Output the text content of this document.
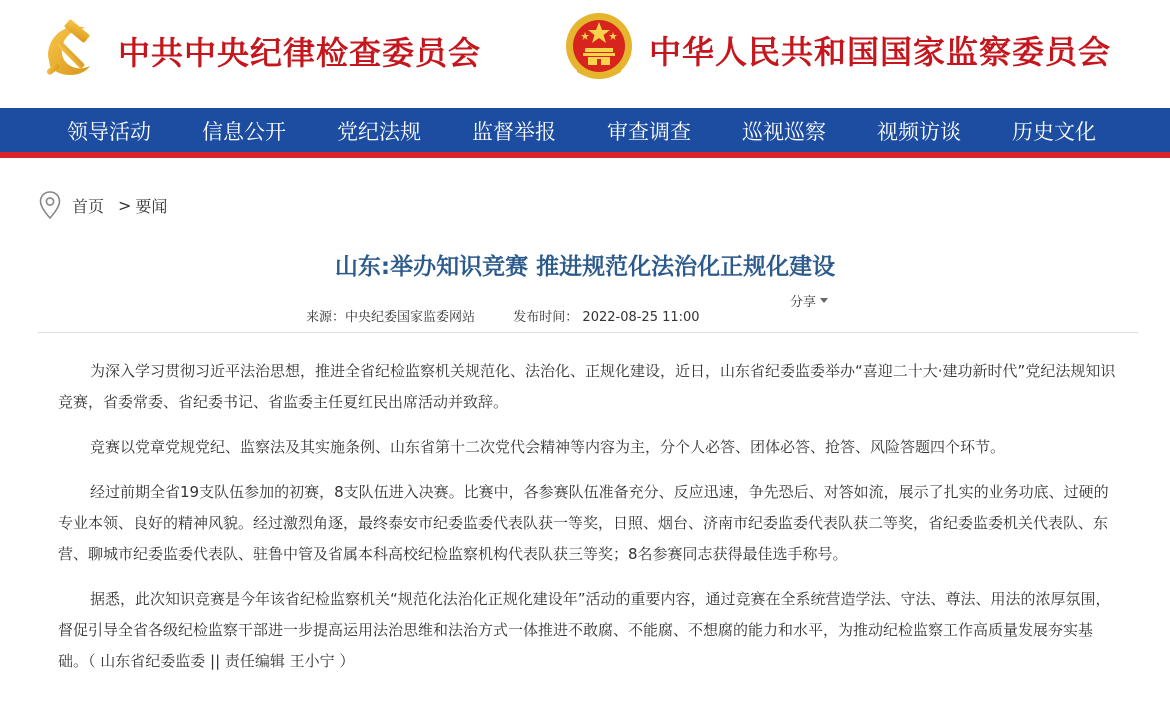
中共中央纪律检查委员会	中华人民共和国国家监察委员会
领导活动 信息公开 党纪法规 监督举报 审查调查 巡视巡察 视频访谈 历史文化
首页 > 要闻
山东:举办知识竞赛 推进规范化法治化正规化建设
分享
来源：中央纪委国家监委网站	发布时间： 2022-08-25 11:00

为深入学习贯彻习近平法治思想，推进全省纪检监察机关规范化、法治化、正规化建设，近日，山东省纪委监委举办“喜迎二十大·建功新时代”党纪法规知识竞赛，省委常委、省纪委书记、省监委主任夏红民出席活动并致辞。

竞赛以党章党规党纪、监察法及其实施条例、山东省第十二次党代会精神等内容为主，分个人必答、团体必答、抢答、风险答题四个环节。

经过前期全省19支队伍参加的初赛，8支队伍进入决赛。比赛中，各参赛队伍准备充分、反应迅速，争先恐后、对答如流，展示了扎实的业务功底、过硬的专业本领、良好的精神风貌。经过激烈角逐，最终泰安市纪委监委代表队获一等奖，日照、烟台、济南市纪委监委代表队获二等奖，省纪委监委机关代表队、东营、聊城市纪委监委代表队、驻鲁中管及省属本科高校纪检监察机构代表队获三等奖；8名参赛同志获得最佳选手称号。

据悉，此次知识竞赛是今年该省纪检监察机关“规范化法治化正规化建设年”活动的重要内容，通过竞赛在全系统营造学法、守法、尊法、用法的浓厚氛围，督促引导全省各级纪检监察干部进一步提高运用法治思维和法治方式一体推进不敢腐、不能腐、不想腐的能力和水平，为推动纪检监察工作高质量发展夯实基础。（ 山东省纪委监委 || 责任编辑 王小宁 ）
